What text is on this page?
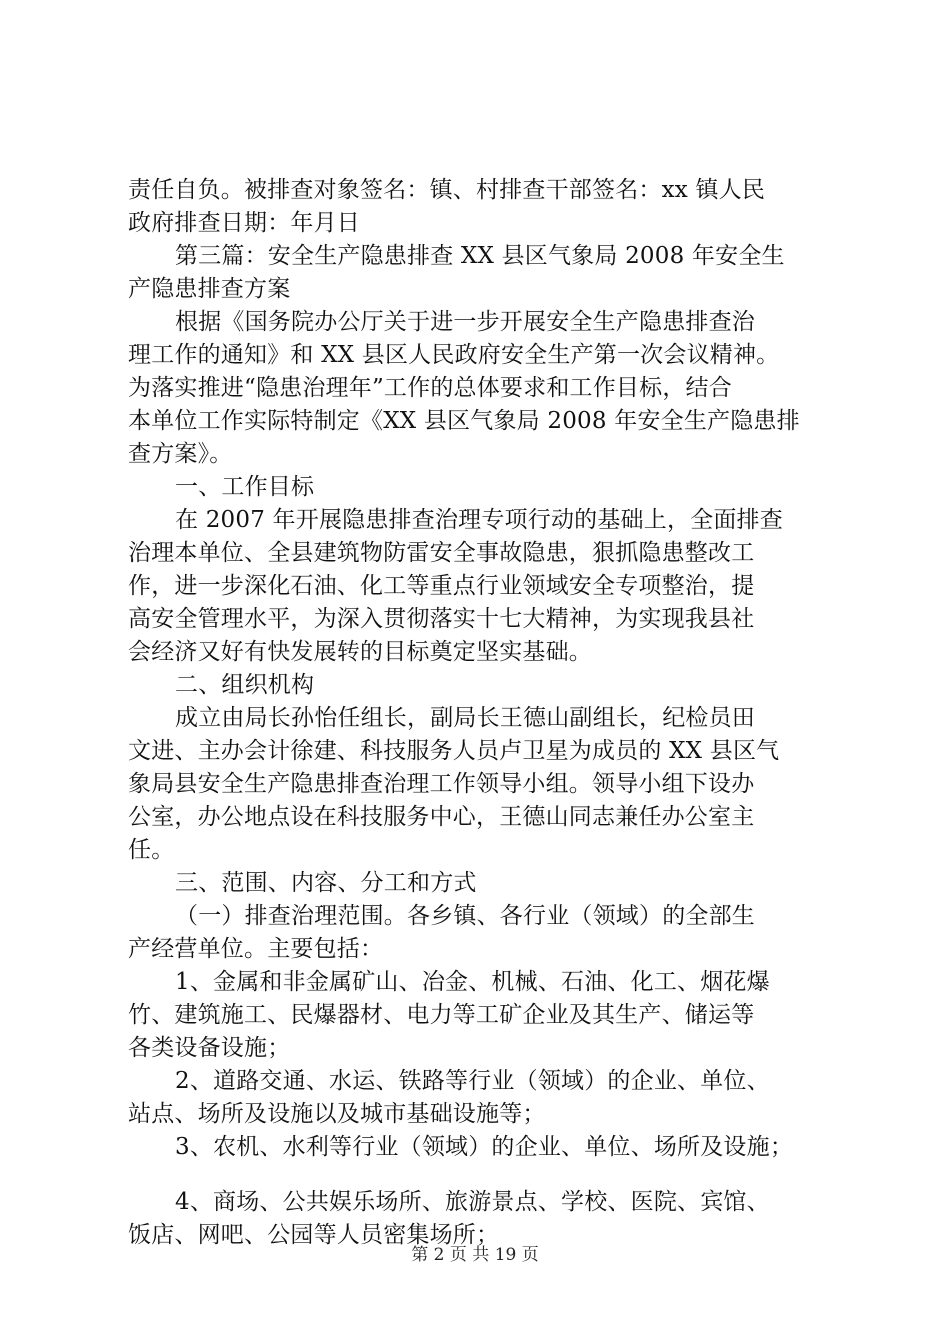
责任自负。被排查对象签名：镇、村排查干部签名：xx 镇人民
政府排查日期：年月日
第三篇：安全生产隐患排查 XX 县区气象局 2008 年安全生
产隐患排查方案
根据《国务院办公厅关于进一步开展安全生产隐患排查治
理工作的通知》和 XX 县区人民政府安全生产第一次会议精神。
为落实推进“隐患治理年”工作的总体要求和工作目标，结合
本单位工作实际特制定《XX 县区气象局 2008 年安全生产隐患排
查方案》。
一、工作目标
在 2007 年开展隐患排查治理专项行动的基础上，全面排查
治理本单位、全县建筑物防雷安全事故隐患，狠抓隐患整改工
作，进一步深化石油、化工等重点行业领域安全专项整治，提
高安全管理水平，为深入贯彻落实十七大精神，为实现我县社
会经济又好有快发展转的目标奠定坚实基础。
二、组织机构
成立由局长孙怡任组长，副局长王德山副组长，纪检员田
文进、主办会计徐建、科技服务人员卢卫星为成员的 XX 县区气
象局县安全生产隐患排查治理工作领导小组。领导小组下设办
公室，办公地点设在科技服务中心，王德山同志兼任办公室主
任。
三、范围、内容、分工和方式
（一）排查治理范围。各乡镇、各行业（领域）的全部生
产经营单位。主要包括：
1、金属和非金属矿山、冶金、机械、石油、化工、烟花爆
竹、建筑施工、民爆器材、电力等工矿企业及其生产、储运等
各类设备设施；
2、道路交通、水运、铁路等行业（领域）的企业、单位、
站点、场所及设施以及城市基础设施等；
3、农机、水利等行业（领域）的企业、单位、场所及设施；
4、商场、公共娱乐场所、旅游景点、学校、医院、宾馆、
饭店、网吧、公园等人员密集场所；
第 2 页 共 19 页
